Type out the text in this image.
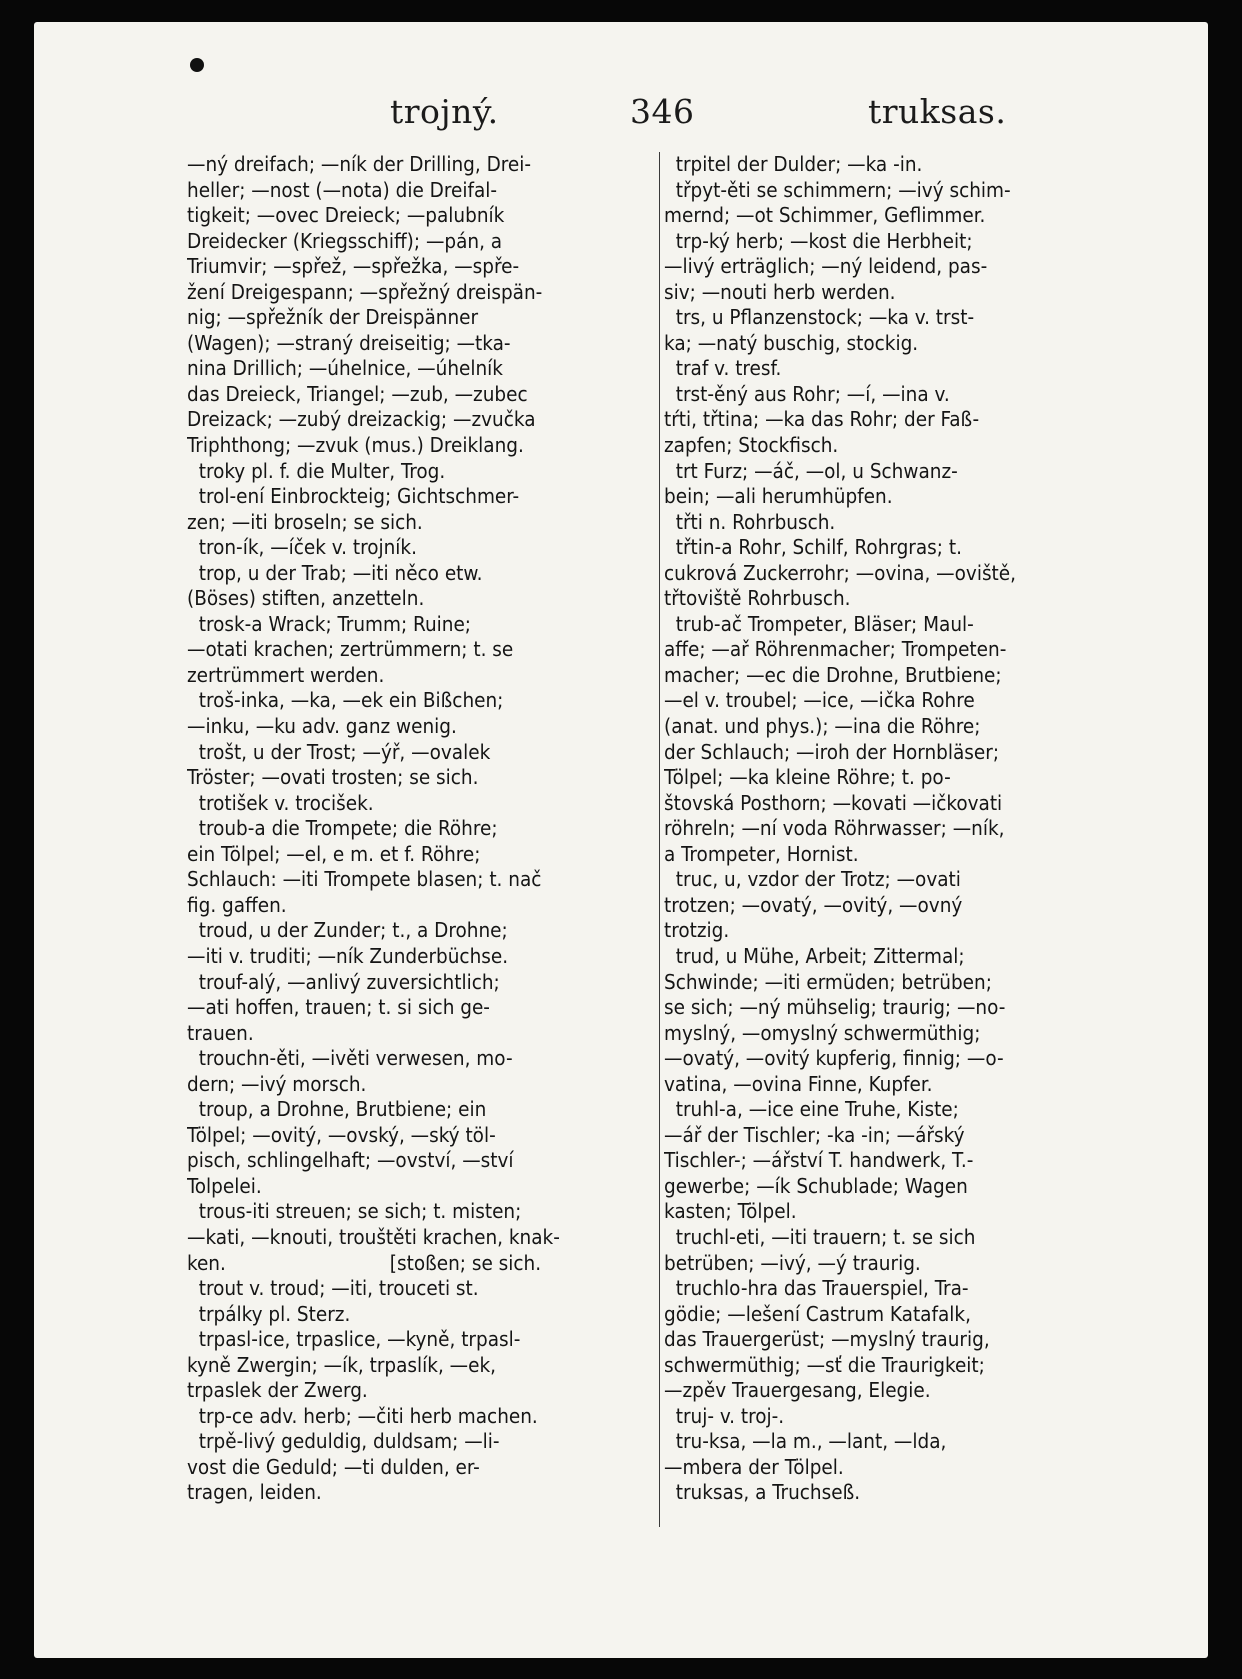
trojný.	346	truksas.
—ný dreifach; —ník der Drilling, Drei-
heller; —nost (—nota) die Dreifal-
tigkeit; —ovec Dreieck; —palubník
Dreidecker (Kriegsschiff); —pán, a
Triumvir; —spřež, —spřežka, —spře-
žení Dreigespann; —spřežný dreispän-
nig; —spřežník der Dreispänner
(Wagen); —straný dreiseitig; —tka-
nina Drillich; —úhelnice, —úhelník
das Dreieck, Triangel; —zub, —zubec
Dreizack; —zubý dreizackig; —zvučka
Triphthong; —zvuk (mus.) Dreiklang.
troky pl. f. die Multer, Trog.
trol-ení Einbrockteig; Gichtschmer-
zen; —iti broseln; se sich.
tron-ík, —íček v. trojník.
trop, u der Trab; —iti něco etw.
(Böses) stiften, anzetteln.
trosk-a Wrack; Trumm; Ruine;
—otati krachen; zertrümmern; t. se
zertrümmert werden.
troš-inka, —ka, —ek ein Bißchen;
—inku, —ku adv. ganz wenig.
trošt, u der Trost; —ýř, —ovalek
Tröster; —ovati trosten; se sich.
trotišek v. trocišek.
troub-a die Trompete; die Röhre;
ein Tölpel; —el, e m. et f. Röhre;
Schlauch: —iti Trompete blasen; t. nač
fig. gaffen.
troud, u der Zunder; t., a Drohne;
—iti v. truditi; —ník Zunderbüchse.
trouf-alý, —anlivý zuversichtlich;
—ati hoffen, trauen; t. si sich ge-
trauen.
trouchn-ěti, —ivěti verwesen, mo-
dern; —ivý morsch.
troup, a Drohne, Brutbiene; ein
Tölpel; —ovitý, —ovský, —ský töl-
pisch, schlingelhaft; —ovství, —ství
Tolpelei.
trous-iti streuen; se sich; t. misten;
—kati, —knouti, trouštěti krachen, knak-
ken.                            [stoßen; se sich.
trout v. troud; —iti, trouceti st.
trpálky pl. Sterz.
trpasl-ice, trpaslice, —kyně, trpasl-
kyně Zwergin; —ík, trpaslík, —ek,
trpaslek der Zwerg.
trp-ce adv. herb; —čiti herb machen.
trpě-livý geduldig, duldsam; —li-
vost die Geduld; —ti dulden, er-
tragen, leiden.
trpitel der Dulder; —ka -in.
třpyt-ěti se schimmern; —ivý schim-
mernd; —ot Schimmer, Geflimmer.
trp-ký herb; —kost die Herbheit;
—livý erträglich; —ný leidend, pas-
siv; —nouti herb werden.
trs, u Pflanzenstock; —ka v. trst-
ka; —natý buschig, stockig.
traf v. tresf.
trst-ěný aus Rohr; —í, —ina v.
tŕti, třtina; —ka das Rohr; der Faß-
zapfen; Stockfisch.
trt Furz; —áč, —ol, u Schwanz-
bein; —ali herumhüpfen.
třti n. Rohrbusch.
třtin-a Rohr, Schilf, Rohrgras; t.
cukrová Zuckerrohr; —ovina, —oviště,
třtoviště Rohrbusch.
trub-ač Trompeter, Bläser; Maul-
affe; —ař Röhrenmacher; Trompeten-
macher; —ec die Drohne, Brutbiene;
—el v. troubel; —ice, —ička Rohre
(anat. und phys.); —ina die Röhre;
der Schlauch; —iroh der Hornbläser;
Tölpel; —ka kleine Röhre; t. po-
štovská Posthorn; —kovati —ičkovati
röhreln; —ní voda Röhrwasser; —ník,
a Trompeter, Hornist.
truc, u, vzdor der Trotz; —ovati
trotzen; —ovatý, —ovitý, —ovný
trotzig.
trud, u Mühe, Arbeit; Zittermal;
Schwinde; —iti ermüden; betrüben;
se sich; —ný mühselig; traurig; —no-
myslný, —omyslný schwermüthig;
—ovatý, —ovitý kupferig, finnig; —o-
vatina, —ovina Finne, Kupfer.
truhl-a, —ice eine Truhe, Kiste;
—ář der Tischler; -ka -in; —ářský
Tischler-; —ářství T. handwerk, T.-
gewerbe; —ík Schublade; Wagen
kasten; Tölpel.
truchl-eti, —iti trauern; t. se sich
betrüben; —ivý, —ý traurig.
truchlo-hra das Trauerspiel, Tra-
gödie; —lešení Castrum Katafalk,
das Trauergerüst; —myslný traurig,
schwermüthig; —sť die Traurigkeit;
—zpěv Trauergesang, Elegie.
truj- v. troj-.
tru-ksa, —la m., —lant, —lda,
—mbera der Tölpel.
truksas, a Truchseß.
